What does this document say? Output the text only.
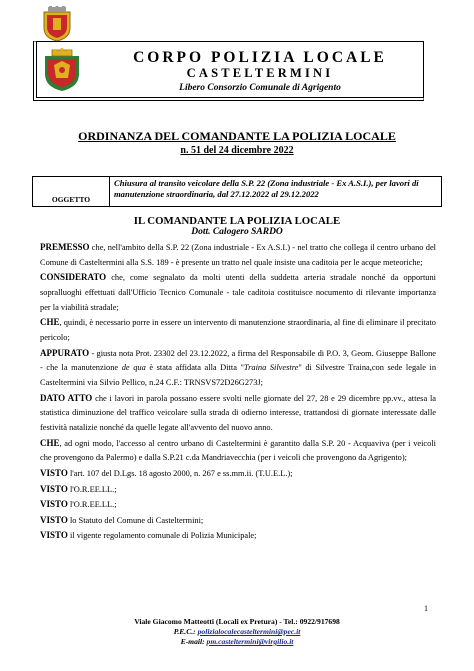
CORPO POLIZIA LOCALE
CASTELTERMINI
Libero Consorzio Comunale di Agrigento
ORDINANZA DEL COMANDANTE LA POLIZIA LOCALE
n. 51 del 24 dicembre 2022
OGGETTO
Chiusura al transito veicolare della S.P. 22 (Zona industriale - Ex A.S.I.), per lavori di manutenzione straordinaria, dal 27.12.2022 al 29.12.2022
IL COMANDANTE LA POLIZIA LOCALE
Dott. Calogero SARDO

PREMESSO che, nell'ambito della S.P. 22 (Zona industriale - Ex A.S.I.) - nel tratto che collega il centro urbano del Comune di Casteltermini alla S.S. 189 - è presente un tratto nel quale insiste una caditoia per le acque meteoriche;

CONSIDERATO che, come segnalato da molti utenti della suddetta arteria stradale nonché da opportuni sopralluoghi effettuati dall'Ufficio Tecnico Comunale - tale caditoia costituisce nocumento di rilevante importanza per la viabilità stradale;

CHE, quindi, è necessario porre in essere un intervento di manutenzione straordinaria, al fine di eliminare il precitato pericolo;

APPURATO - giusta nota Prot. 23302 del 23.12.2022, a firma del Responsabile di P.O. 3, Geom. Giuseppe Ballone - che la manutenzione de qua è stata affidata alla Ditta "Traina Silvestre" di Silvestre Traina,con sede legale in Casteltermini via Silvio Pellico, n.24 C.F.: TRNSVS72D26G273J;

DATO ATTO che i lavori in parola possano essere svolti nelle giornate del 27, 28 e 29 dicembre pp.vv., attesa la statistica diminuzione del traffico veicolare sulla strada di odierno interesse, trattandosi di giornate interessate dalle festività natalizie nonché da quelle legate all'avvento del nuovo anno.

CHE, ad ogni modo, l'accesso al centro urbano di Casteltermini è garantito dalla S.P. 20 - Acquaviva (per i veicoli che provengono da Palermo) e dalla S.P.21 c.da Mandriavecchia (per i veicoli che provengono da Agrigento);

VISTO l'art. 107 del D.Lgs. 18 agosto 2000, n. 267 e ss.mm.ii. (T.U.E.L.);

VISTO l'O.R.EE.LL.;

VISTO l'O.R.EE.LL.;

VISTO lo Statuto del Comune di Casteltermini;

VISTO il vigente regolamento comunale di Polizia Municipale;

1
Viale Giacomo Matteotti (Locali ex Pretura) - Tel.: 0922/917698
P.E.C.: polizialocalecasteltermini@pec.it
E-mail: pm.casteltermini@virgilio.it
